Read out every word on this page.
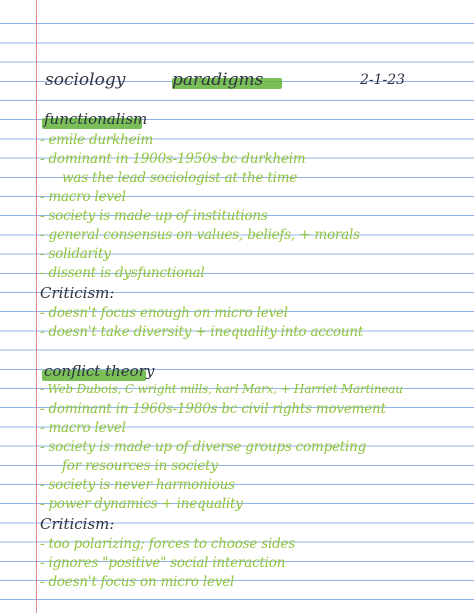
sociology	paradigms	2-1-23
functionalism
- emile durkheim
- dominant in 1900s-1950s bc durkheim
was the lead sociologist at the time
- macro level
- society is made up of institutions
- general consensus on values, beliefs, + morals
- solidarity
- dissent is dysfunctional
Criticism:
- doesn't focus enough on micro level
- doesn't take diversity + inequality into account
conflict theory
- Web Dubois, C wright mills, karl Marx, + Harriet Martineau
- dominant in 1960s-1980s bc civil rights movement
- macro level
- society is made up of diverse groups competing
for resources in society
- society is never harmonious
- power dynamics + inequality
Criticism:
- too polarizing; forces to choose sides
- ignores "positive" social interaction
- doesn't focus on micro level
